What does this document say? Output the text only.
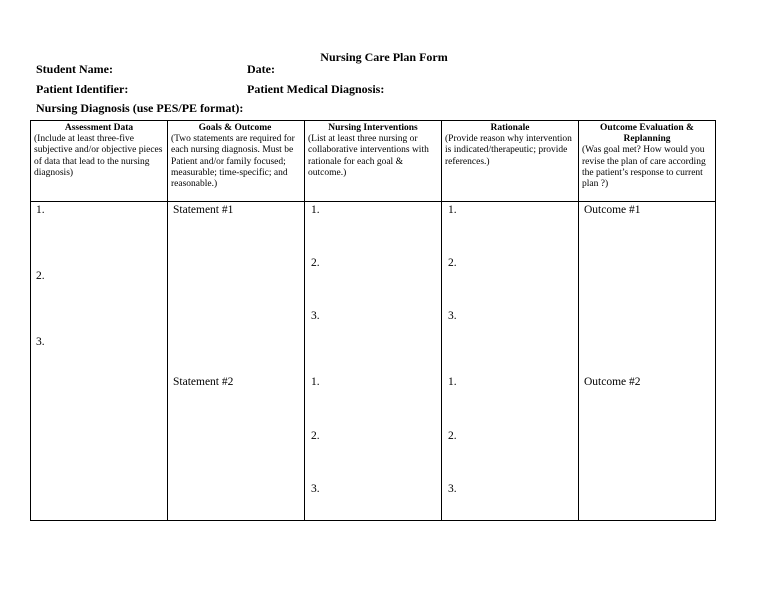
Nursing Care Plan Form
Student Name:	Date:
Patient Identifier:	Patient Medical Diagnosis:
Nursing Diagnosis (use PES/PE format):
Assessment Data
(Include at least three-five subjective and/or objective pieces of data that lead to the nursing diagnosis)
Goals & Outcome
(Two statements are required for each nursing diagnosis. Must be Patient and/or family focused; measurable; time-specific; and reasonable.)
Nursing Interventions
(List at least three nursing or collaborative interventions with rationale for each goal & outcome.)
Rationale
(Provide reason why intervention is indicated/therapeutic; provide references.)
Outcome Evaluation & Replanning
(Was goal met? How would you revise the plan of care according the patient’s response to current plan ?)
1.
2.
3.
Statement #1
Statement #2
1.
2.
3.
1.
2.
3.
1.
2.
3.
1.
2.
3.
Outcome #1
Outcome #2
